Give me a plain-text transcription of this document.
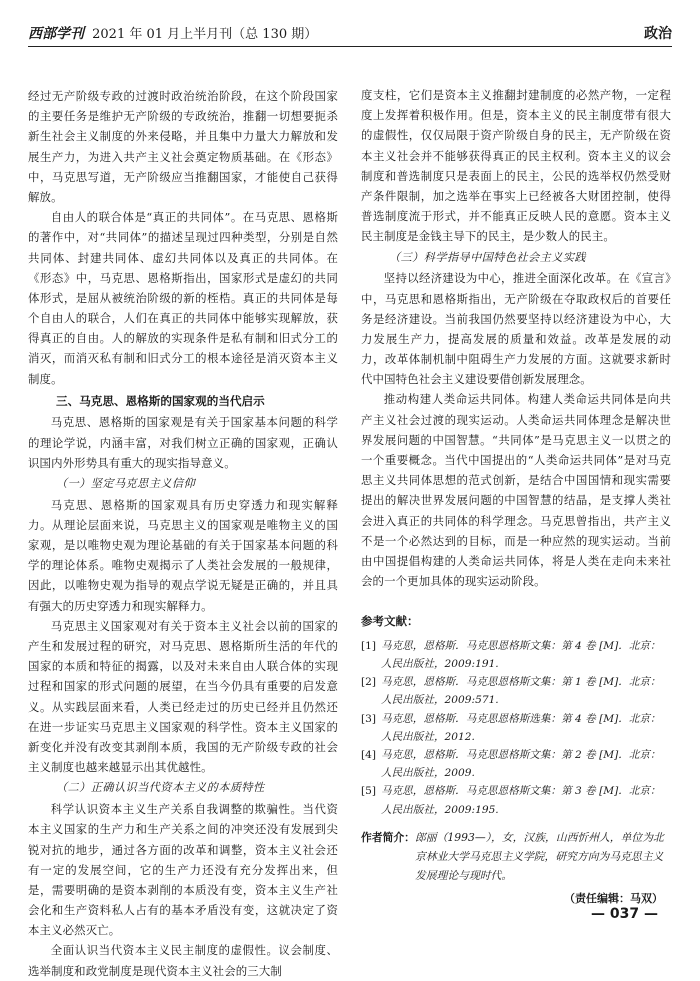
西部学刊 2021 年 01 月上半月刊（总 130 期）	政治

经过无产阶级专政的过渡时政治统治阶段，在这个阶段国家的主要任务是维护无产阶级的专政统治，推翻一切想要扼杀新生社会主义制度的外来侵略，并且集中力量大力解放和发展生产力，为进入共产主义社会奠定物质基础。在《形态》中，马克思写道，无产阶级应当推翻国家，才能使自己获得解放。

自由人的联合体是“真正的共同体”。在马克思、恩格斯的著作中，对“共同体”的描述呈现过四种类型，分别是自然共同体、封建共同体、虚幻共同体以及真正的共同体。在《形态》中，马克思、恩格斯指出，国家形式是虚幻的共同体形式，是屈从被统治阶级的新的桎梏。真正的共同体是每个自由人的联合，人们在真正的共同体中能够实现解放，获得真正的自由。人的解放的实现条件是私有制和旧式分工的消灭，而消灭私有制和旧式分工的根本途径是消灭资本主义制度。

三、马克思、恩格斯的国家观的当代启示

马克思、恩格斯的国家观是有关于国家基本问题的科学的理论学说，内涵丰富，对我们树立正确的国家观，正确认识国内外形势具有重大的现实指导意义。

（一）坚定马克思主义信仰

马克思、恩格斯的国家观具有历史穿透力和现实解释力。从理论层面来说，马克思主义的国家观是唯物主义的国家观，是以唯物史观为理论基础的有关于国家基本问题的科学的理论体系。唯物史观揭示了人类社会发展的一般规律，因此，以唯物史观为指导的观点学说无疑是正确的，并且具有强大的历史穿透力和现实解释力。

马克思主义国家观对有关于资本主义社会以前的国家的产生和发展过程的研究，对马克思、恩格斯所生活的年代的国家的本质和特征的揭露，以及对未来自由人联合体的实现过程和国家的形式问题的展望，在当今仍具有重要的启发意义。从实践层面来看，人类已经走过的历史已经并且仍然还在进一步证实马克思主义国家观的科学性。资本主义国家的新变化并没有改变其剥削本质，我国的无产阶级专政的社会主义制度也越来越显示出其优越性。

（二）正确认识当代资本主义的本质特性

科学认识资本主义生产关系自我调整的欺骗性。当代资本主义国家的生产力和生产关系之间的冲突还没有发展到尖锐对抗的地步，通过各方面的改革和调整，资本主义社会还有一定的发展空间，它的生产力还没有充分发挥出来，但是，需要明确的是资本剥削的本质没有变，资本主义生产社会化和生产资料私人占有的基本矛盾没有变，这就决定了资本主义必然灭亡。

全面认识当代资本主义民主制度的虚假性。议会制度、选举制度和政党制度是现代资本主义社会的三大制

度支柱，它们是资本主义推翻封建制度的必然产物，一定程度上发挥着积极作用。但是，资本主义的民主制度带有很大的虚假性，仅仅局限于资产阶级自身的民主，无产阶级在资本主义社会并不能够获得真正的民主权利。资本主义的议会制度和普选制度只是表面上的民主，公民的选举权仍然受财产条件限制，加之选举在事实上已经被各大财团控制，使得普选制度流于形式，并不能真正反映人民的意愿。资本主义民主制度是金钱主导下的民主，是少数人的民主。

（三）科学指导中国特色社会主义实践

坚持以经济建设为中心，推进全面深化改革。在《宣言》中，马克思和恩格斯指出，无产阶级在夺取政权后的首要任务是经济建设。当前我国仍然要坚持以经济建设为中心，大力发展生产力，提高发展的质量和效益。改革是发展的动力，改革体制机制中阻碍生产力发展的方面。这就要求新时代中国特色社会主义建设要借创新发展理念。

推动构建人类命运共同体。构建人类命运共同体是向共产主义社会过渡的现实运动。人类命运共同体理念是解决世界发展问题的中国智慧。“共同体”是马克思主义一以贯之的一个重要概念。当代中国提出的“人类命运共同体”是对马克思主义共同体思想的范式创新，是结合中国国情和现实需要提出的解决世界发展问题的中国智慧的结晶，是支撑人类社会进入真正的共同体的科学理念。马克思曾指出，共产主义不是一个必然达到的目标，而是一种应然的现实运动。当前由中国提倡构建的人类命运共同体，将是人类在走向未来社会的一个更加具体的现实运动阶段。

参考文献：
[1] 马克思，恩格斯．马克思恩格斯文集：第 4 卷 [M]．北京：人民出版社，2009:191.
[2] 马克思，恩格斯．马克思恩格斯文集：第 1 卷 [M]．北京：人民出版社，2009:571.
[3] 马克思，恩格斯．马克思恩格斯选集：第 4 卷 [M]．北京：人民出版社，2012.
[4] 马克思，恩格斯．马克思恩格斯文集：第 2 卷 [M]．北京：人民出版社，2009.
[5] 马克思，恩格斯．马克思恩格斯文集：第 3 卷 [M]．北京：人民出版社，2009:195.
作者简介： 郎丽（1993—），女，汉族，山西忻州人，单位为北京林业大学马克思主义学院，研究方向为马克思主义发展理论与现时代。
（责任编辑：马双）
— 037 —
